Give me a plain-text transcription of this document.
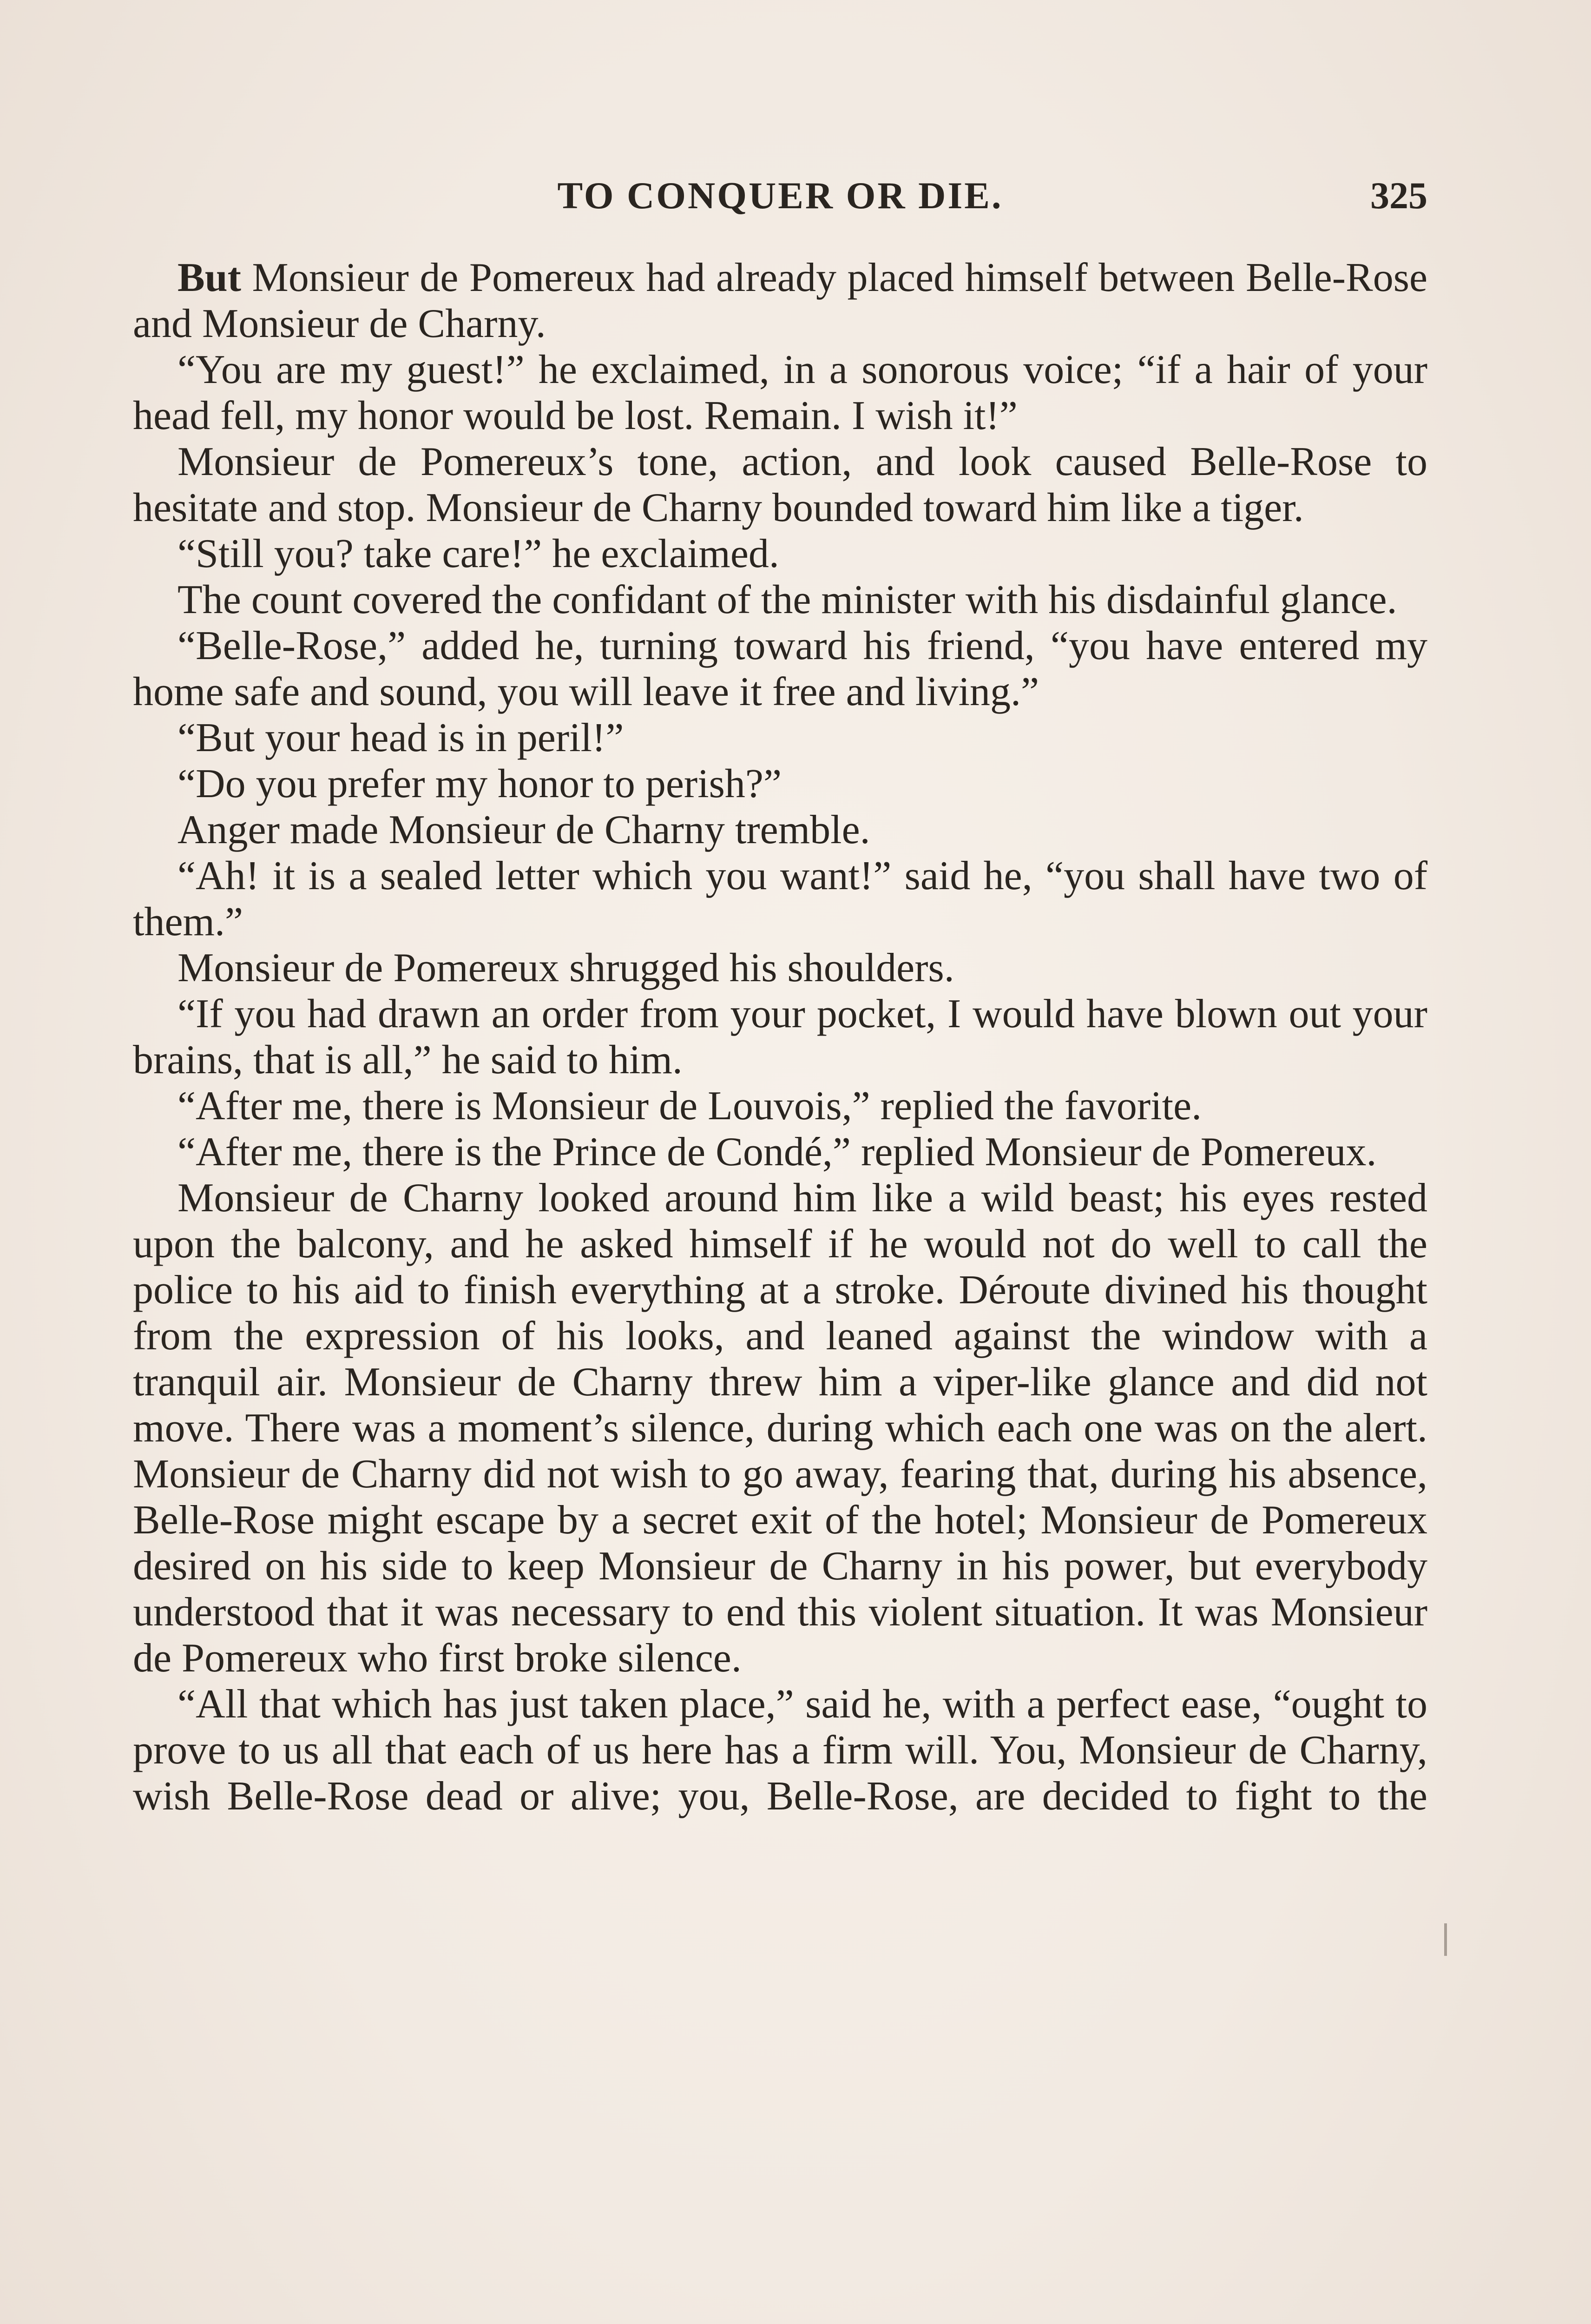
TO CONQUER OR DIE.	325

But Monsieur de Pomereux had already placed himself between Belle-Rose and Monsieur de Charny.

“You are my guest!” he exclaimed, in a sonorous voice; “if a hair of your head fell, my honor would be lost. Remain. I wish it!”

Monsieur de Pomereux’s tone, action, and look caused Belle-Rose to hesitate and stop. Monsieur de Charny bounded toward him like a tiger.

“Still you? take care!” he exclaimed.

The count covered the confidant of the minister with his disdainful glance.

“Belle-Rose,” added he, turning toward his friend, “you have entered my home safe and sound, you will leave it free and living.”

“But your head is in peril!”

“Do you prefer my honor to perish?”

Anger made Monsieur de Charny tremble.

“Ah! it is a sealed letter which you want!” said he, “you shall have two of them.”

Monsieur de Pomereux shrugged his shoulders.

“If you had drawn an order from your pocket, I would have blown out your brains, that is all,” he said to him.

“After me, there is Monsieur de Louvois,” replied the favorite.

“After me, there is the Prince de Condé,” replied Monsieur de Pomereux.

Monsieur de Charny looked around him like a wild beast; his eyes rested upon the balcony, and he asked himself if he would not do well to call the police to his aid to finish everything at a stroke. Déroute divined his thought from the expression of his looks, and leaned against the window with a tranquil air. Monsieur de Charny threw him a viper-like glance and did not move. There was a moment’s silence, during which each one was on the alert. Monsieur de Charny did not wish to go away, fearing that, during his absence, Belle-Rose might escape by a secret exit of the hotel; Monsieur de Pomereux desired on his side to keep Monsieur de Charny in his power, but everybody understood that it was necessary to end this violent situation. It was Monsieur de Pomereux who first broke silence.

“All that which has just taken place,” said he, with a perfect ease, “ought to prove to us all that each of us here has a firm will. You, Monsieur de Charny, wish Belle-Rose dead or alive; you, Belle-Rose, are decided to fight to the
